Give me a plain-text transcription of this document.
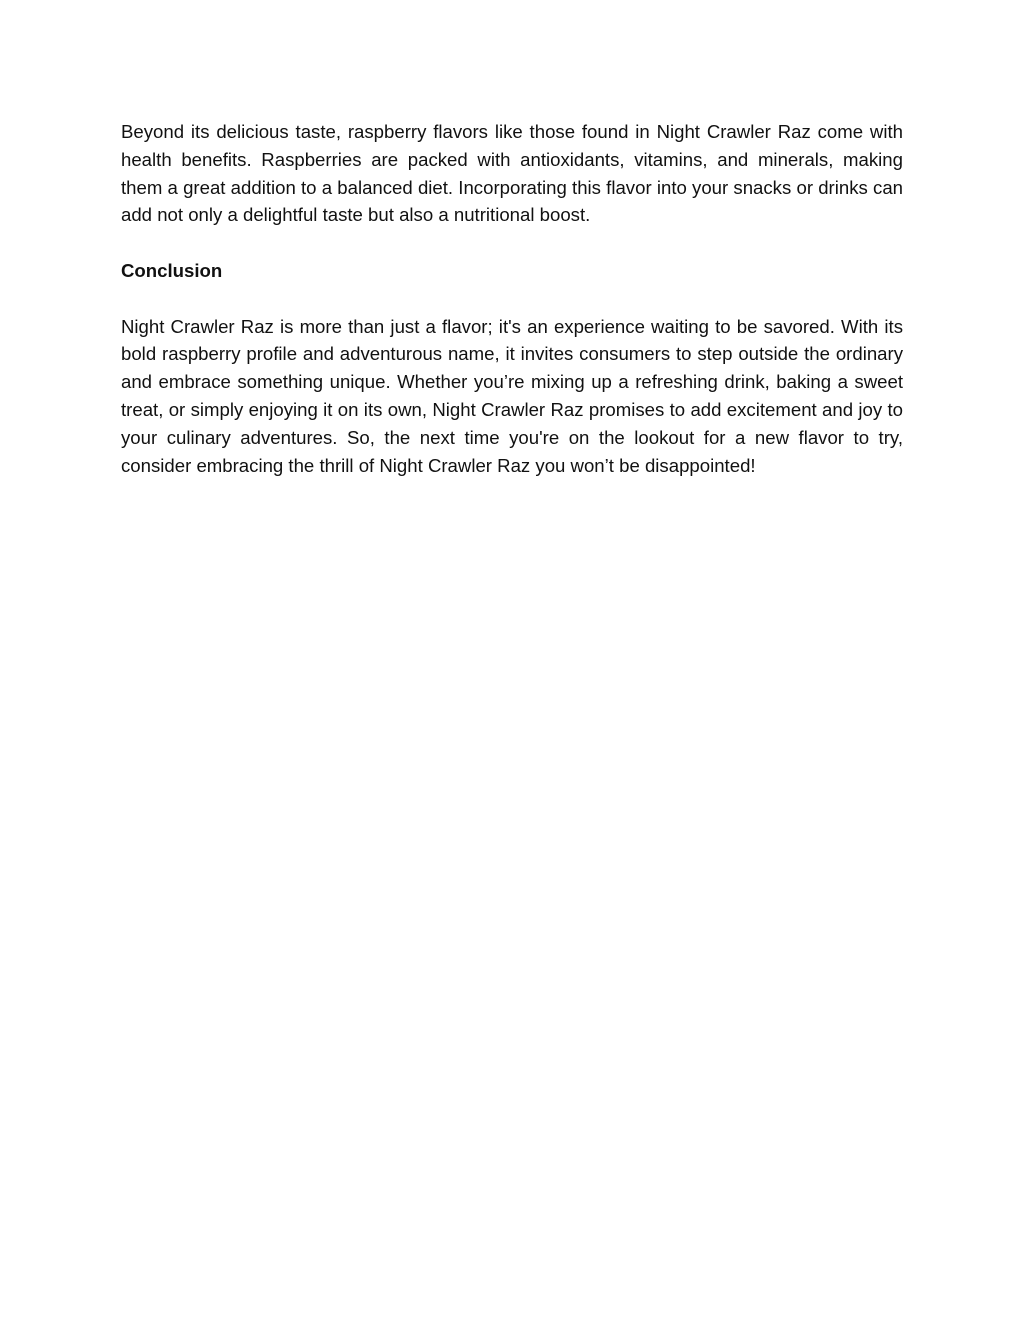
Beyond its delicious taste, raspberry flavors like those found in Night Crawler Raz come with health benefits. Raspberries are packed with antioxidants, vitamins, and minerals, making them a great addition to a balanced diet. Incorporating this flavor into your snacks or drinks can add not only a delightful taste but also a nutritional boost.

Conclusion

Night Crawler Raz is more than just a flavor; it's an experience waiting to be savored. With its bold raspberry profile and adventurous name, it invites consumers to step outside the ordinary and embrace something unique. Whether you’re mixing up a refreshing drink, baking a sweet treat, or simply enjoying it on its own, Night Crawler Raz promises to add excitement and joy to your culinary adventures. So, the next time you're on the lookout for a new flavor to try, consider embracing the thrill of Night Crawler Raz you won’t be disappointed!
